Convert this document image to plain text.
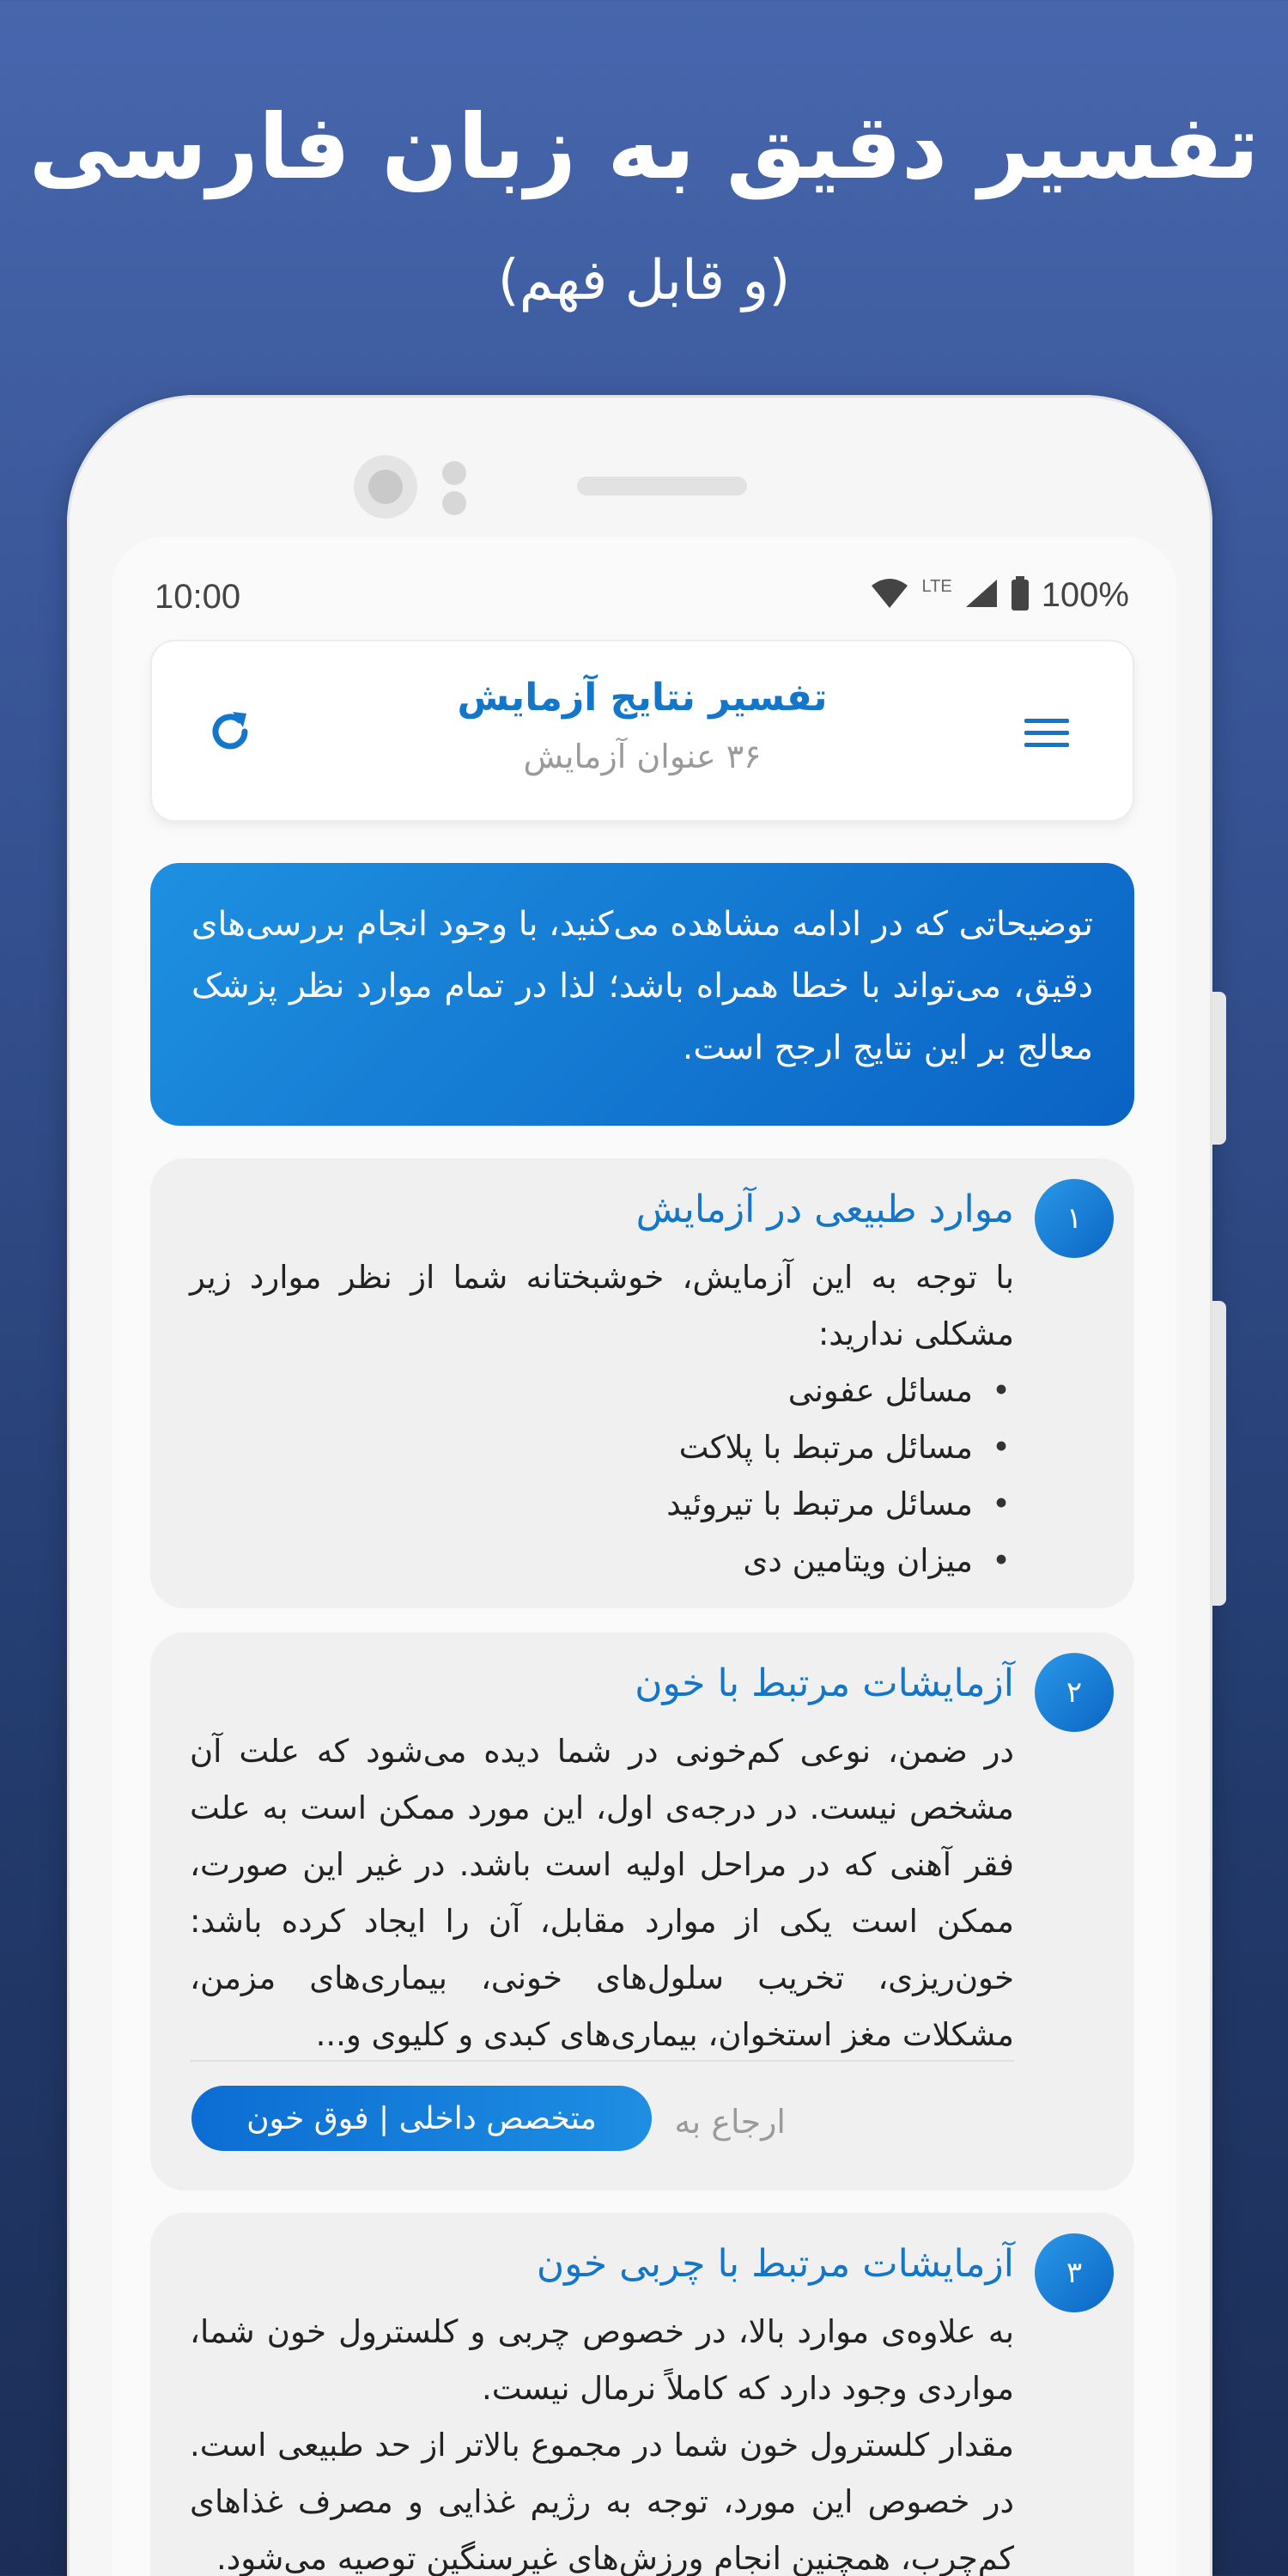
تفسیر دقیق به زبان فارسی
(و قابل فهم)
10:00	LTE	100%
تفسیر نتایج آزمایش
۳۶ عنوان آزمایش
توضیحاتی که در ادامه مشاهده می‌کنید، با وجود انجام بررسی‌های دقیق، می‌تواند با خطا همراه باشد؛ لذا در تمام موارد نظر پزشک معالج بر این نتایج ارجح است.
۱
موارد طبیعی در آزمایش
با توجه به این آزمایش، خوشبختانه شما از نظر موارد زیر مشکلی ندارید:
• مسائل عفونی
• مسائل مرتبط با پلاکت
• مسائل مرتبط با تیروئید
• میزان ویتامین دی
۲
آزمایشات مرتبط با خون
در ضمن، نوعی کم‌خونی در شما دیده می‌شود که علت آن مشخص نیست. در درجه‌ی اول، این مورد ممکن است به علت فقر آهنی که در مراحل اولیه است باشد. در غیر این صورت، ممکن است یکی از موارد مقابل، آن را ایجاد کرده باشد: خون‌ریزی، تخریب سلول‌های خونی، بیماری‌های مزمن، مشکلات مغز استخوان، بیماری‌های کبدی و کلیوی و...
ارجاع به
متخصص داخلی | فوق خون
۳
آزمایشات مرتبط با چربی خون
به علاوه‌ی موارد بالا، در خصوص چربی و کلسترول خون شما، مواردی وجود دارد که کاملاً نرمال نیست.
مقدار کلسترول خون شما در مجموع بالاتر از حد طبیعی است. در خصوص این مورد، توجه به رژیم غذایی و مصرف غذاهای کم‌چرب، همچنین انجام ورزش‌های غیرسنگین توصیه می‌شود.
